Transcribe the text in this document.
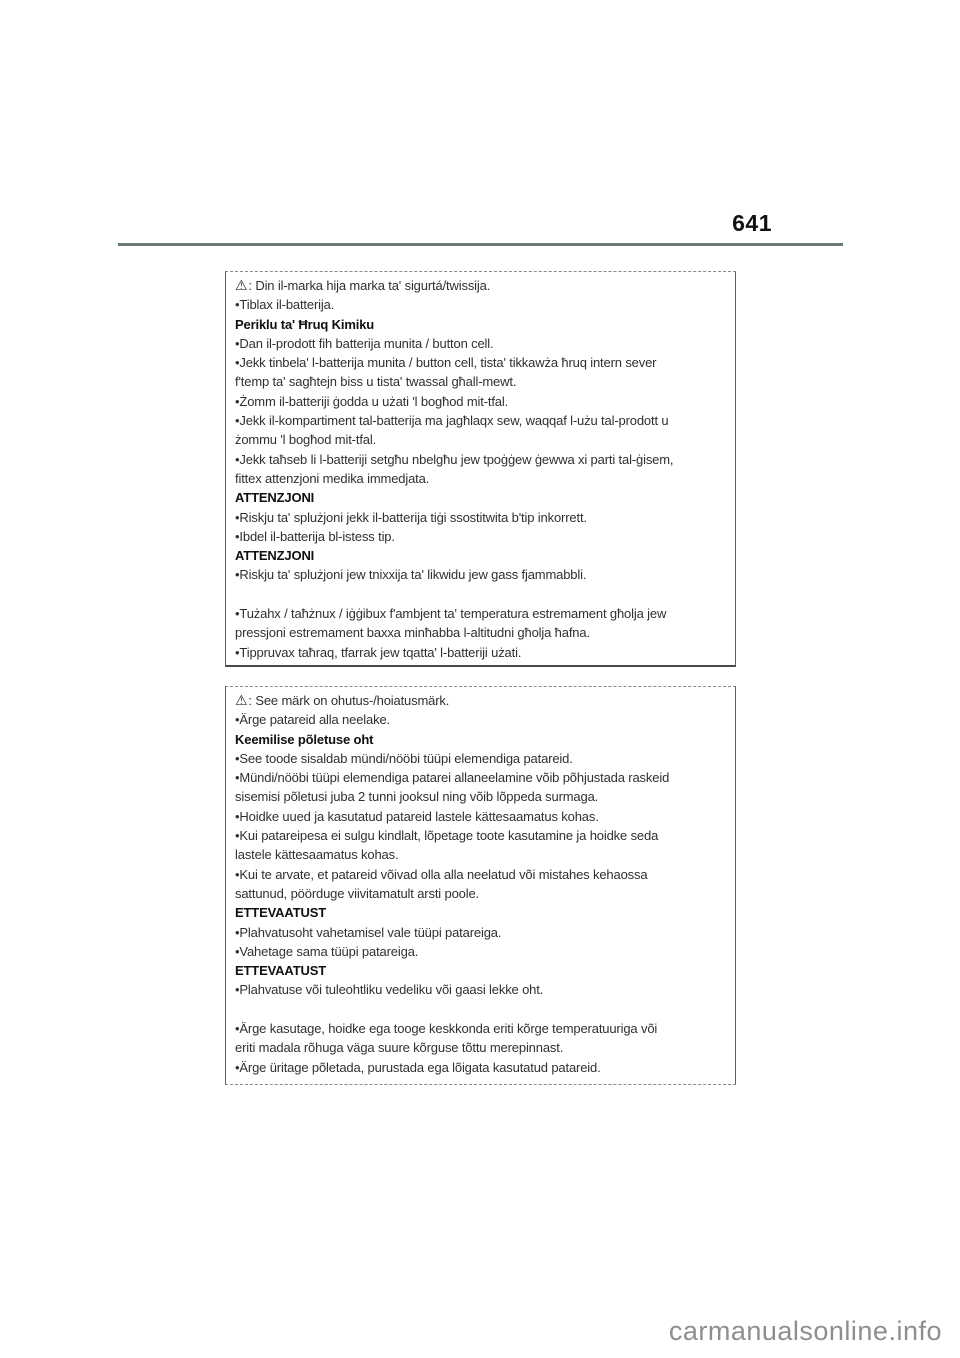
641
⚠: Din il-marka hija marka ta' sigurtá/twissija.
•Tiblax il-batterija.
Periklu ta' Ħruq Kimiku
•Dan il-prodott fih batterija munita / button cell.
•Jekk tinbela' l-batterija munita / button cell, tista' tikkawża ħruq intern sever
f'temp ta' sagħtejn biss u tista' twassal għall-mewt.
•Żomm il-batteriji ġodda u użati 'l bogħod mit-tfal.
•Jekk il-kompartiment tal-batterija ma jagħlaqx sew, waqqaf l-użu tal-prodott u
żommu 'l bogħod mit-tfal.
•Jekk taħseb li l-batteriji setgħu nbelgħu jew tpoġġew ġewwa xi parti tal-ġisem,
fittex attenzjoni medika immedjata.
ATTENZJONI
•Riskju ta' splużjoni jekk il-batterija tiġi ssostitwita b'tip inkorrett.
•Ibdel il-batterija bl-istess tip.
ATTENZJONI
•Riskju ta' splużjoni jew tnixxija ta' likwidu jew gass fjammabbli.
•Tużahx / taħżnux / iġġibux f'ambjent ta' temperatura estremament għolja jew
pressjoni estremament baxxa minħabba l-altitudni għolja ħafna.
•Tippruvax taħraq, tfarrak jew tqatta' l-batteriji użati.
⚠: See märk on ohutus-/hoiatusmärk.
•Ärge patareid alla neelake.
Keemilise põletuse oht
•See toode sisaldab mündi/nööbi tüüpi elemendiga patareid.
•Mündi/nööbi tüüpi elemendiga patarei allaneelamine võib põhjustada raskeid
sisemisi põletusi juba 2 tunni jooksul ning võib lõppeda surmaga.
•Hoidke uued ja kasutatud patareid lastele kättesaamatus kohas.
•Kui patareipesa ei sulgu kindlalt, lõpetage toote kasutamine ja hoidke seda
lastele kättesaamatus kohas.
•Kui te arvate, et patareid võivad olla alla neelatud või mistahes kehaossa
sattunud, pöörduge viivitamatult arsti poole.
ETTEVAATUST
•Plahvatusoht vahetamisel vale tüüpi patareiga.
•Vahetage sama tüüpi patareiga.
ETTEVAATUST
•Plahvatuse või tuleohtliku vedeliku või gaasi lekke oht.
•Ärge kasutage, hoidke ega tooge keskkonda eriti kõrge temperatuuriga või
eriti madala rõhuga väga suure kõrguse tõttu merepinnast.
•Ärge üritage põletada, purustada ega lõigata kasutatud patareid.
carmanualsonline.info
